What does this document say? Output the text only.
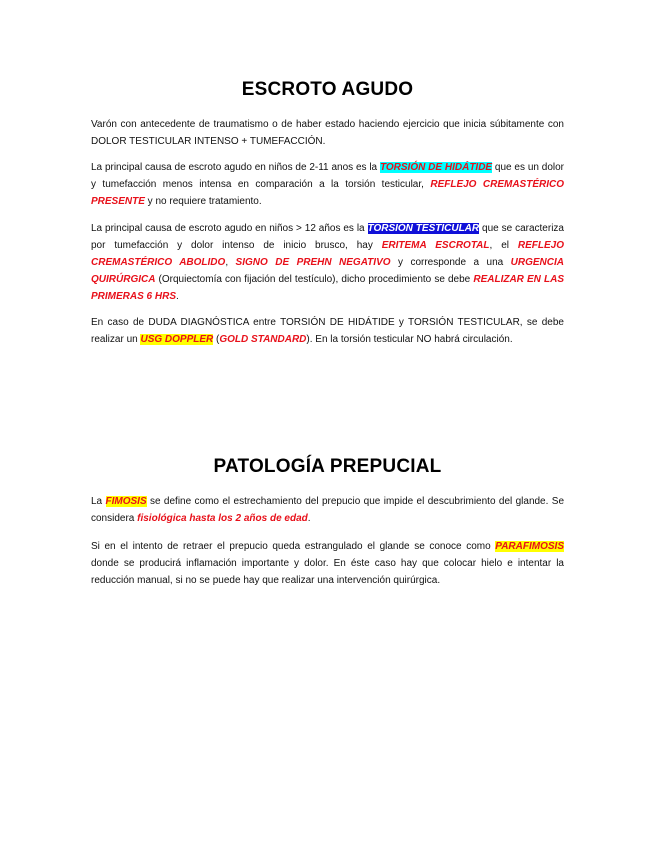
ESCROTO AGUDO

Varón con antecedente de traumatismo o de haber estado haciendo ejercicio que inicia súbitamente con DOLOR TESTICULAR INTENSO + TUMEFACCIÓN.

La principal causa de escroto agudo en niños de 2-11 anos es la TORSIÓN DE HIDÁTIDE que es un dolor y tumefacción menos intensa en comparación a la torsión testicular, REFLEJO CREMASTÉRICO PRESENTE y no requiere tratamiento.

La principal causa de escroto agudo en niños > 12 años es la TORSIÓN TESTICULAR que se caracteriza por tumefacción y dolor intenso de inicio brusco, hay ERITEMA ESCROTAL, el REFLEJO CREMASTÉRICO ABOLIDO, SIGNO DE PREHN NEGATIVO y corresponde a una URGENCIA QUIRÚRGICA (Orquiectomía con fijación del testículo), dicho procedimiento se debe REALIZAR EN LAS PRIMERAS 6 HRS.

En caso de DUDA DIAGNÓSTICA entre TORSIÓN DE HIDÁTIDE y TORSIÓN TESTICULAR, se debe realizar un USG DOPPLER (GOLD STANDARD). En la torsión testicular NO habrá circulación.

PATOLOGÍA PREPUCIAL

La FIMOSIS se define como el estrechamiento del prepucio que impide el descubrimiento del glande. Se considera fisiológica hasta los 2 años de edad.

Si en el intento de retraer el prepucio queda estrangulado el glande se conoce como PARAFIMOSIS donde se producirá inflamación importante y dolor. En éste caso hay que colocar hielo e intentar la reducción manual, si no se puede hay que realizar una intervención quirúrgica.
